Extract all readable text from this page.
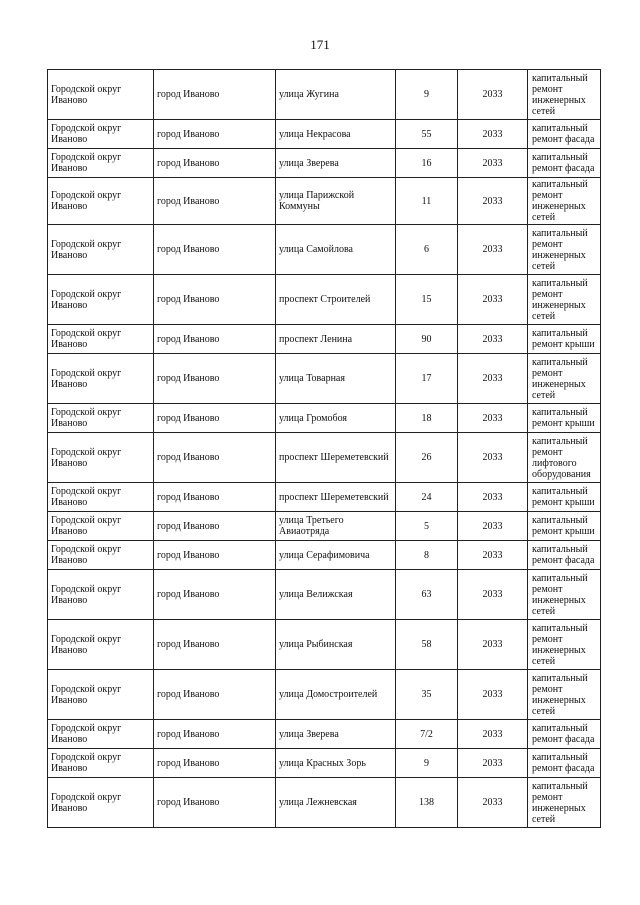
171
Городской округ Иваново	город Иваново	улица Жугина	9	2033	капитальный ремонт инженерных сетей
Городской округ Иваново	город Иваново	улица Некрасова	55	2033	капитальный ремонт фасада
Городской округ Иваново	город Иваново	улица Зверева	16	2033	капитальный ремонт фасада
Городской округ Иваново	город Иваново	улица Парижской Коммуны	11	2033	капитальный ремонт инженерных сетей
Городской округ Иваново	город Иваново	улица Самойлова	6	2033	капитальный ремонт инженерных сетей
Городской округ Иваново	город Иваново	проспект Строителей	15	2033	капитальный ремонт инженерных сетей
Городской округ Иваново	город Иваново	проспект Ленина	90	2033	капитальный ремонт крыши
Городской округ Иваново	город Иваново	улица Товарная	17	2033	капитальный ремонт инженерных сетей
Городской округ Иваново	город Иваново	улица Громобоя	18	2033	капитальный ремонт крыши
Городской округ Иваново	город Иваново	проспект Шереметевский	26	2033	капитальный ремонт лифтового оборудования
Городской округ Иваново	город Иваново	проспект Шереметевский	24	2033	капитальный ремонт крыши
Городской округ Иваново	город Иваново	улица Третьего Авиаотряда	5	2033	капитальный ремонт крыши
Городской округ Иваново	город Иваново	улица Серафимовича	8	2033	капитальный ремонт фасада
Городской округ Иваново	город Иваново	улица Велижская	63	2033	капитальный ремонт инженерных сетей
Городской округ Иваново	город Иваново	улица Рыбинская	58	2033	капитальный ремонт инженерных сетей
Городской округ Иваново	город Иваново	улица Домостроителей	35	2033	капитальный ремонт инженерных сетей
Городской округ Иваново	город Иваново	улица Зверева	7/2	2033	капитальный ремонт фасада
Городской округ Иваново	город Иваново	улица Красных Зорь	9	2033	капитальный ремонт фасада
Городской округ Иваново	город Иваново	улица Лежневская	138	2033	капитальный ремонт инженерных сетей
